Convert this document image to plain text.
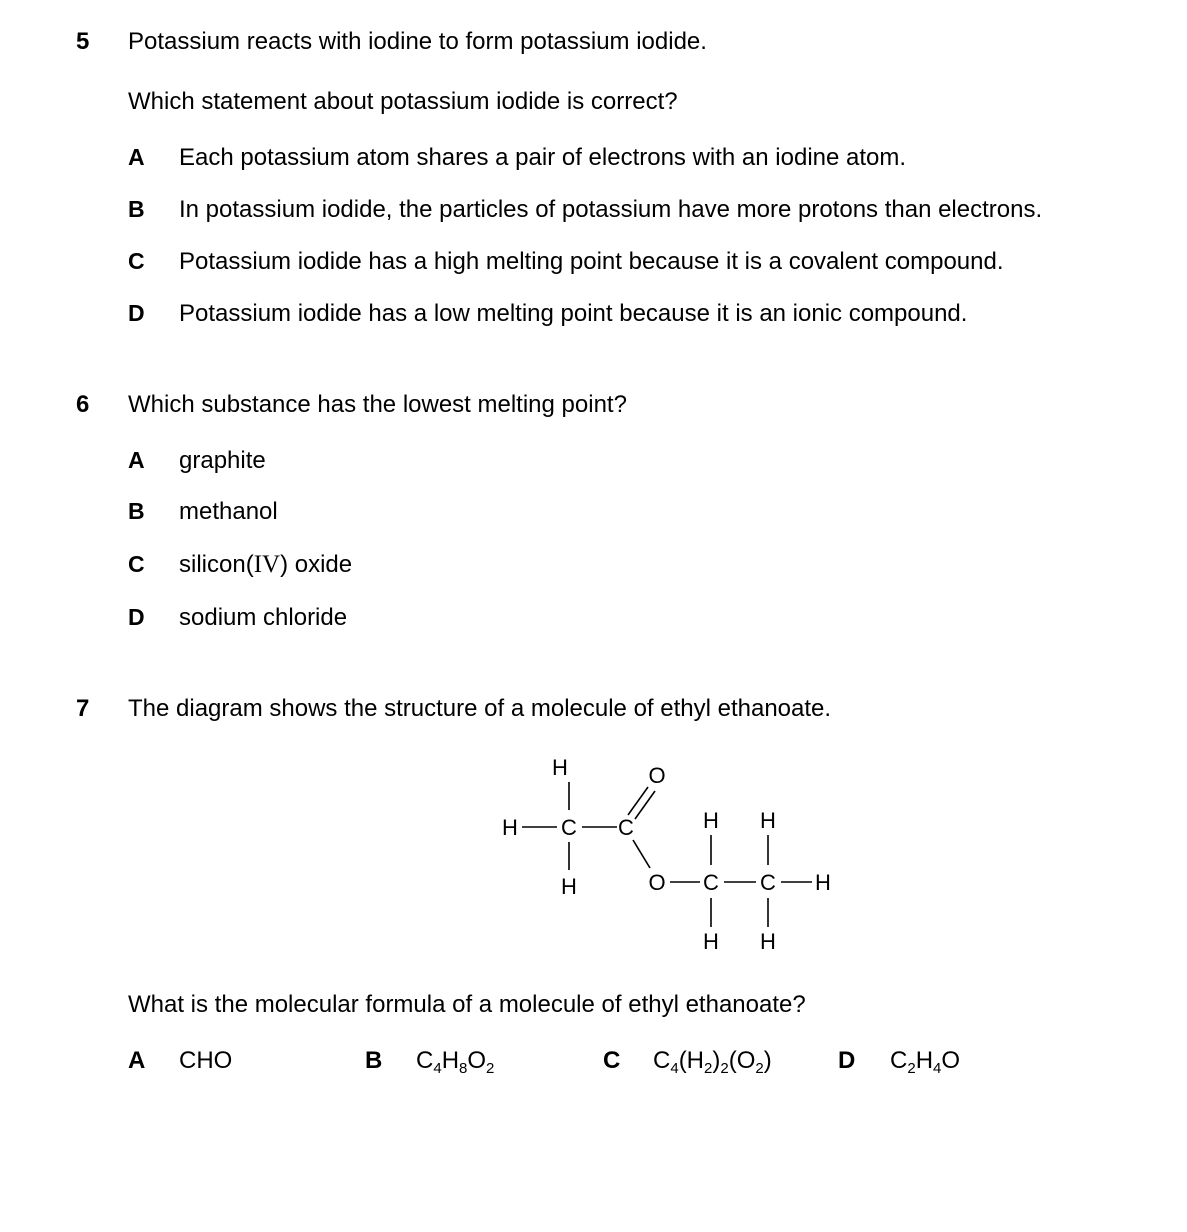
5 Potassium reacts with iodine to form potassium iodide.
Which statement about potassium iodide is correct?
A	Each potassium atom shares a pair of electrons with an iodine atom.
B	In potassium iodide, the particles of potassium have more protons than electrons.
C	Potassium iodide has a high melting point because it is a covalent compound.
D	Potassium iodide has a low melting point because it is an ionic compound.
6 Which substance has the lowest melting point?
A	graphite
B	methanol
C	silicon(IV) oxide
D	sodium chloride
7 The diagram shows the structure of a molecule of ethyl ethanoate.
H
H C
H
C
O
O
H
C
H
H
C
H
H
What is the molecular formula of a molecule of ethyl ethanoate?
A CHO	B $C_4H_8O_2$	C $C_4(H_2)_2(O_2)$	D $C_2H_4O$
